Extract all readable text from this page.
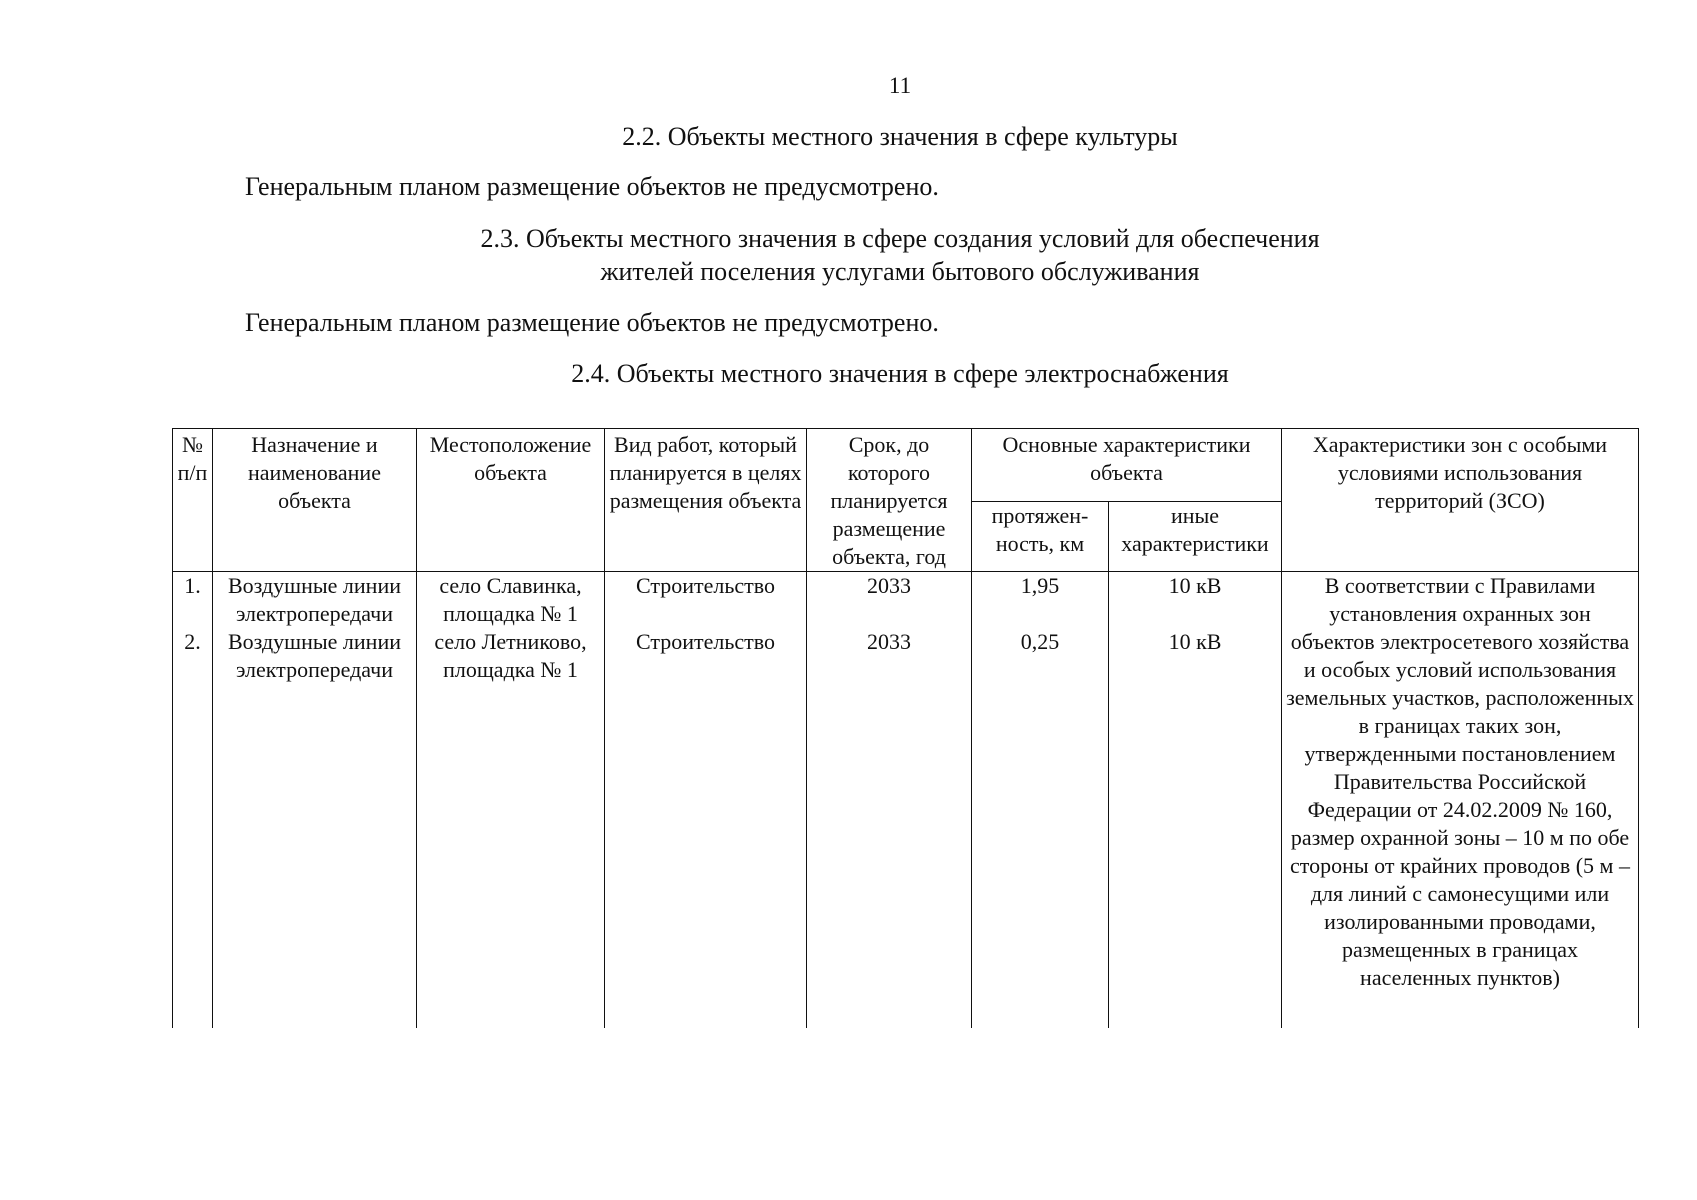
11
2.2. Объекты местного значения в сфере культуры
Генеральным планом размещение объектов не предусмотрено.
2.3. Объекты местного значения в сфере создания условий для обеспечения
жителей поселения услугами бытового обслуживания
Генеральным планом размещение объектов не предусмотрено.
2.4. Объекты местного значения в сфере электроснабжения
№ п/п	Назначение и наименование объекта	Местоположение объекта	Вид работ, который планируется в целях размещения объекта	Срок, до которого планируется размещение объекта, год	Основные характеристики объекта		Характеристики зон с особыми условиями использования территорий (ЗСО)
					протяжен-ность, км	иные характеристики	
1.	Воздушные линии электропередачи	село Славинка, площадка № 1	Строительство	2033	1,95	10 кВ	В соответствии с Правилами установления охранных зон объектов электросетевого хозяйства и особых условий использования земельных участков, расположенных в границах таких зон, утвержденными постановлением Правительства Российской Федерации от 24.02.2009 № 160, размер охранной зоны – 10 м по обе стороны от крайних проводов (5 м – для линий с самонесущими или изолированными проводами, размещенных в границах населенных пунктов)
2.	Воздушные линии электропередачи	село Летниково, площадка № 1	Строительство	2033	0,25	10 кВ	
